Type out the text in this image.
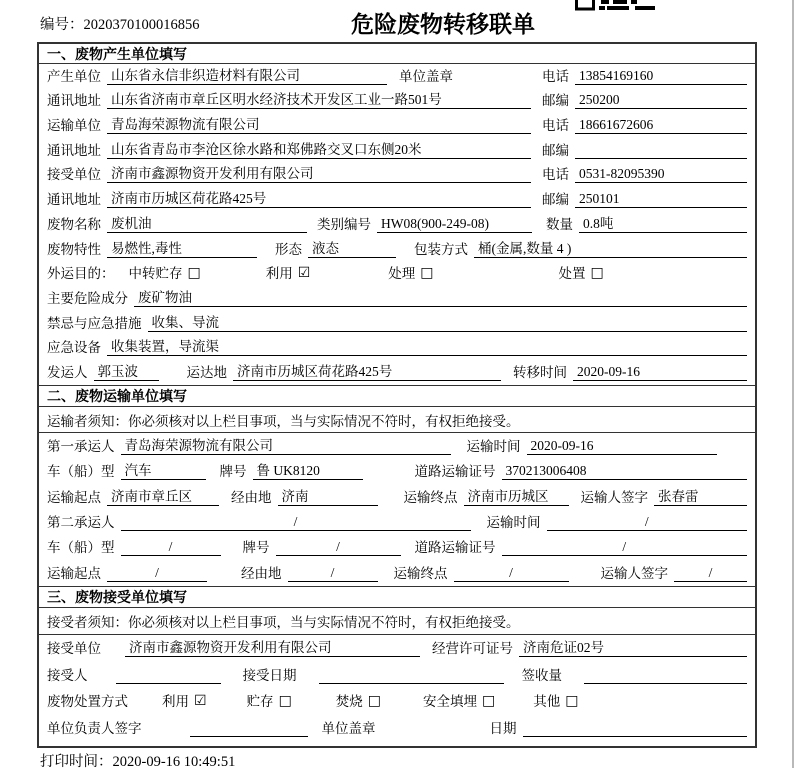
编号：2020370100016856	危险废物转移联单
一、废物产生单位填写
产生单位 山东省永信非织造材料有限公司	单位盖章	电话 13854169160
通讯地址 山东省济南市章丘区明水经济技术开发区工业一路501号	邮编 250200
运输单位 青岛海荣源物流有限公司	电话 18661672606
通讯地址 山东省青岛市李沧区徐水路和郑佛路交叉口东侧20米	邮编
接受单位 济南市鑫源物资开发利用有限公司	电话 0531-82095390
通讯地址 济南市历城区荷花路425号	邮编 250101
废物名称 废机油	类别编号 HW08(900-249-08)	数量 0.8吨
废物特性 易燃性,毒性	形态 液态	包装方式 桶(金属,数量 4 )
外运目的：	中转贮存 □	利用 ☑	处理 □	处置 □
主要危险成分 废矿物油
禁忌与应急措施 收集、导流
应急设备 收集装置，导流渠
发运人 郭玉波	运达地 济南市历城区荷花路425号	转移时间 2020-09-16
二、废物运输单位填写
运输者须知：你必须核对以上栏目事项，当与实际情况不符时，有权拒绝接受。
第一承运人 青岛海荣源物流有限公司	运输时间 2020-09-16
车（船）型 汽车	牌号 鲁 UK8120	道路运输证号 370213006408
运输起点 济南市章丘区	经由地 济南	运输终点 济南市历城区	运输人签字 张春雷
第二承运人	/	运输时间	/
车（船）型	/	牌号	/	道路运输证号	/
运输起点	/	经由地	/	运输终点	/	运输人签字	/
三、废物接受单位填写
接受者须知：你必须核对以上栏目事项，当与实际情况不符时，有权拒绝接受。
接受单位	济南市鑫源物资开发利用有限公司	经营许可证号 济南危证02号
接受人	接受日期	签收量
废物处置方式	利用 ☑	贮存 □	焚烧 □	安全填埋 □	其他 □
单位负责人签字	单位盖章	日期
打印时间：2020-09-16 10:49:51
